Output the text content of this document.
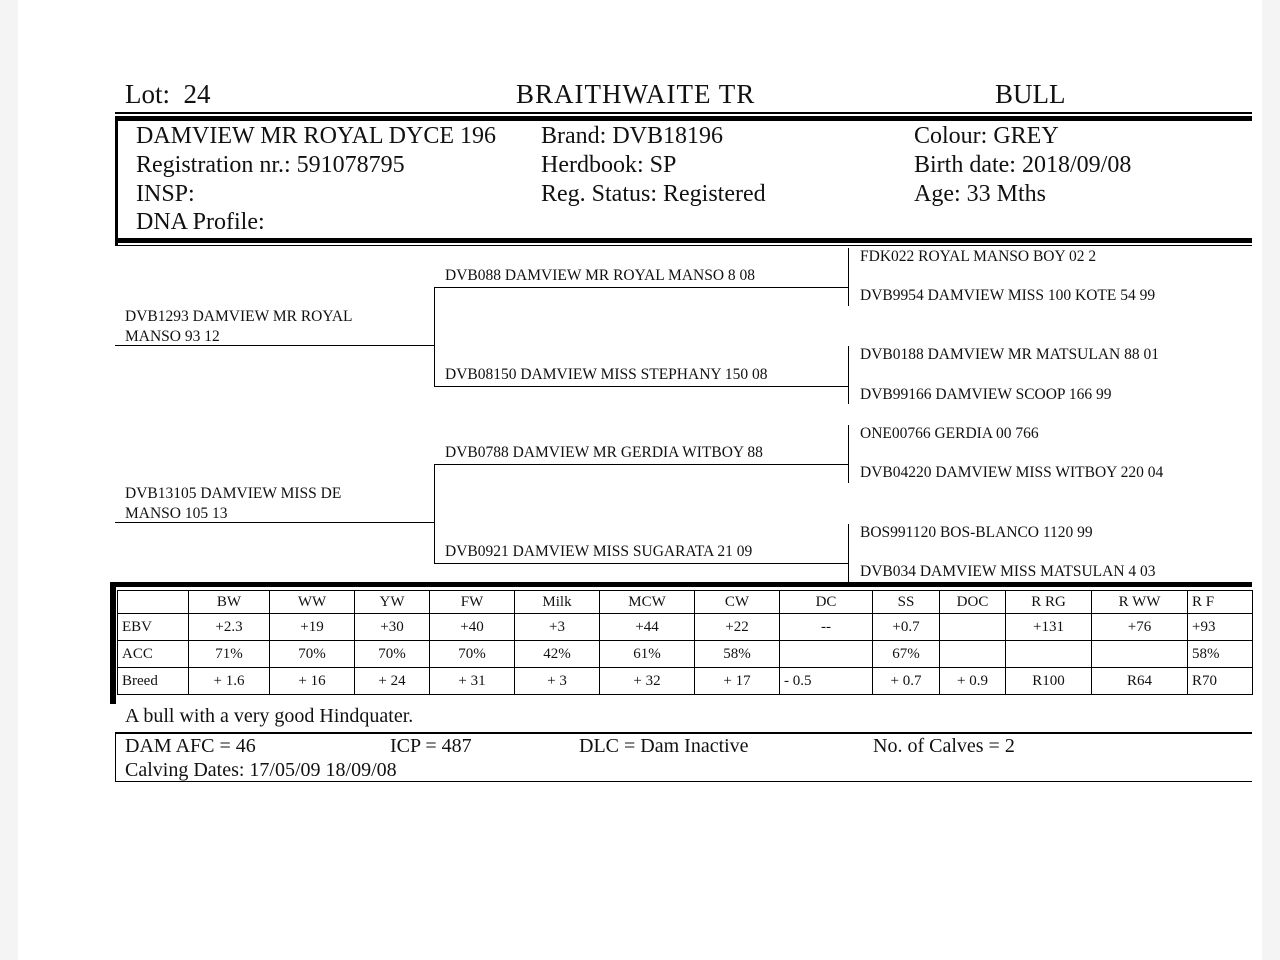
Lot: 24	BRAITHWAITE TR	BULL
DAMVIEW MR ROYAL DYCE 196 Brand: DVB18196	Colour: GREY
Registration nr.: 591078795	Herdbook: SP	Birth date: 2018/09/08
INSP:	Reg. Status: Registered	Age: 33 Mths
DNA Profile:
DVB1293 DAMVIEW MR ROYAL
MANSO 93 12
DVB13105 DAMVIEW MISS DE
MANSO 105 13
DVB088 DAMVIEW MR ROYAL MANSO 8 08
DVB08150 DAMVIEW MISS STEPHANY 150 08
DVB0788 DAMVIEW MR GERDIA WITBOY 88
DVB0921 DAMVIEW MISS SUGARATA 21 09
FDK022 ROYAL MANSO BOY 02 2
DVB9954 DAMVIEW MISS 100 KOTE 54 99
DVB0188 DAMVIEW MR MATSULAN 88 01
DVB99166 DAMVIEW SCOOP 166 99
ONE00766 GERDIA 00 766
DVB04220 DAMVIEW MISS WITBOY 220 04
BOS991120 BOS-BLANCO 1120 99
DVB034 DAMVIEW MISS MATSULAN 4 03
	BW	WW	YW	FW	Milk	MCW	CW	DC	SS	DOC	R RG	R WW	R F
EBV	+2.3	+19	+30	+40	+3	+44	+22	--	+0.7		+131	+76	+93
ACC	71%	70%	70%	70%	42%	61%	58%		67%				58%
Breed	+ 1.6	+ 16	+ 24	+ 31	+ 3	+ 32	+ 17	- 0.5	+ 0.7	+ 0.9	R100	R64	R70
A bull with a very good Hindquater.
DAM AFC = 46	ICP = 487	DLC = Dam Inactive	No. of Calves = 2
Calving Dates: 17/05/09 18/09/08
